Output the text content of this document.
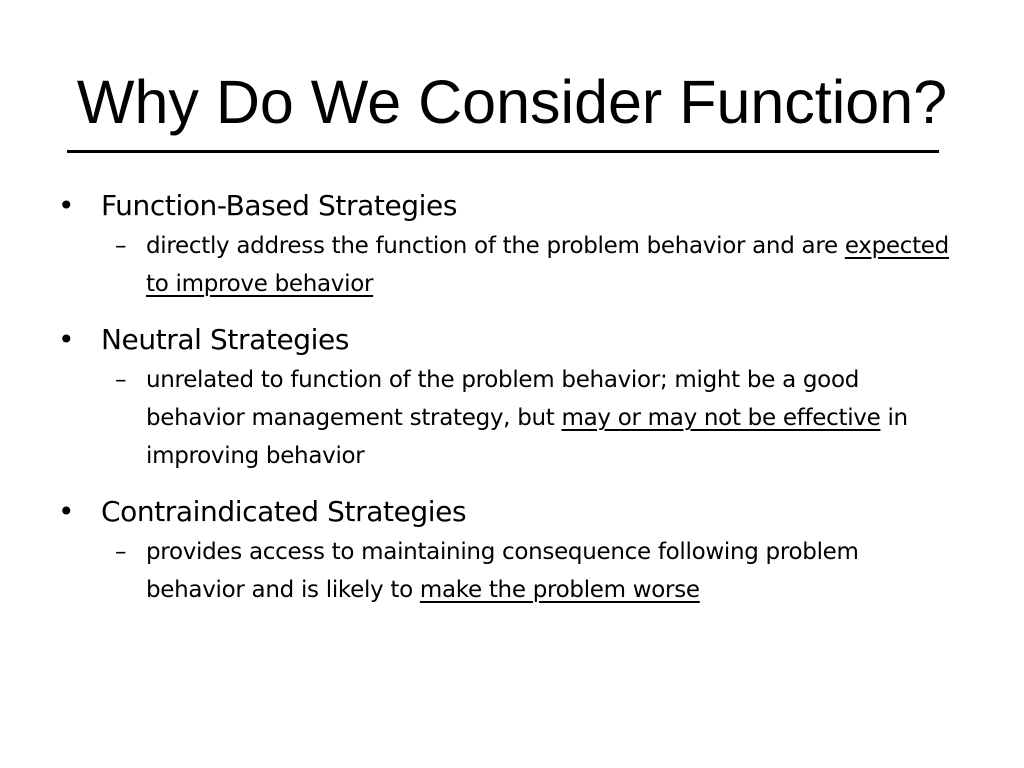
Why Do We Consider Function?

• Function-Based Strategies

– directly address the function of the problem behavior and are expected to improve behavior

• Neutral Strategies

– unrelated to function of the problem behavior; might be a good behavior management strategy, but may or may not be effective in improving behavior

• Contraindicated Strategies

– provides access to maintaining consequence following problem behavior and is likely to make the problem worse
